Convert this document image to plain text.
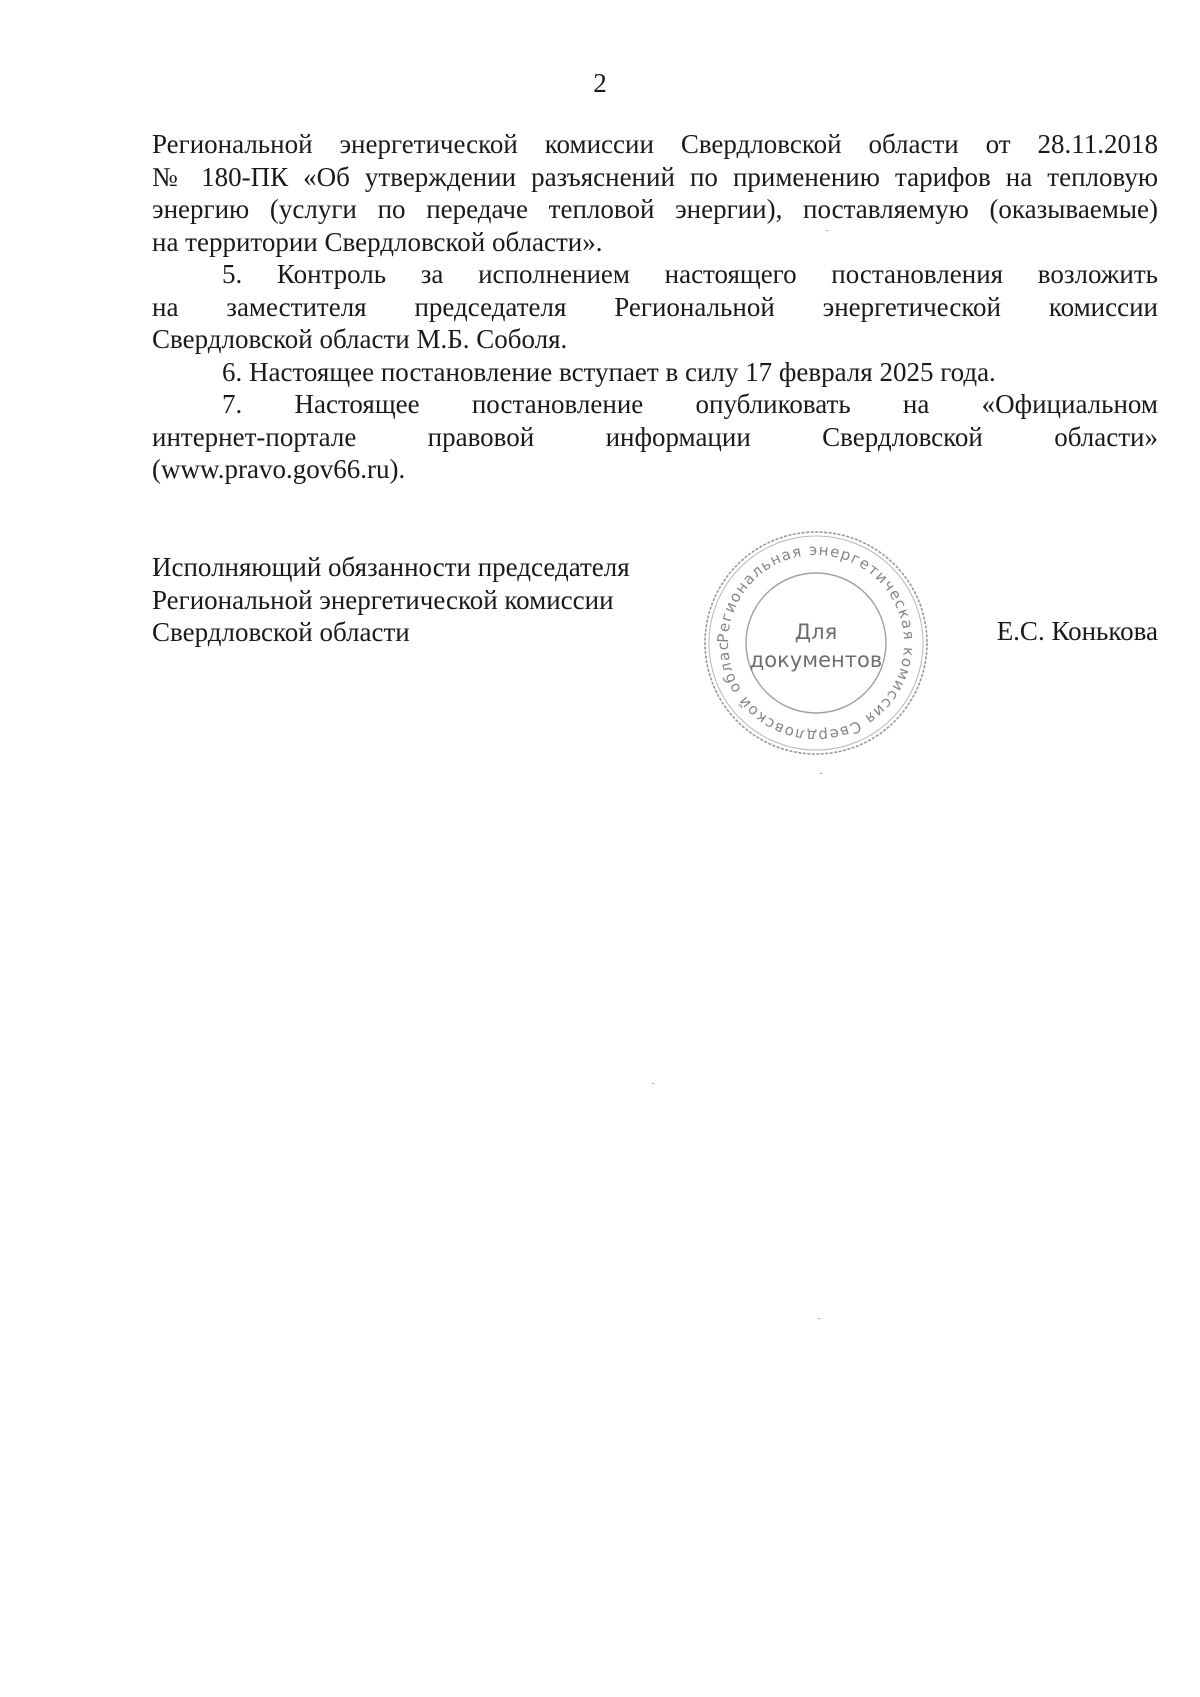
2

Региональной энергетической комиссии Свердловской области от 28.11.2018

№ 180-ПК «Об утверждении разъяснений по применению тарифов на тепловую

энергию (услуги по передаче тепловой энергии), поставляемую (оказываемые)

на территории Свердловской области».

5. Контроль за исполнением настоящего постановления возложить

на заместителя председателя Региональной энергетической комиссии

Свердловской области М.Б. Соболя.

6. Настоящее постановление вступает в силу 17 февраля 2025 года.

7. Настоящее постановление опубликовать на «Официальном

интернет-портале правовой информации Свердловской области»

(www.pravo.gov66.ru).

Исполняющий обязанности председателя
Региональной энергетической комиссии
Свердловской области	Е.С. Конькова
Региональная энергетическая комиссия Свердловской облас
Для
документов
